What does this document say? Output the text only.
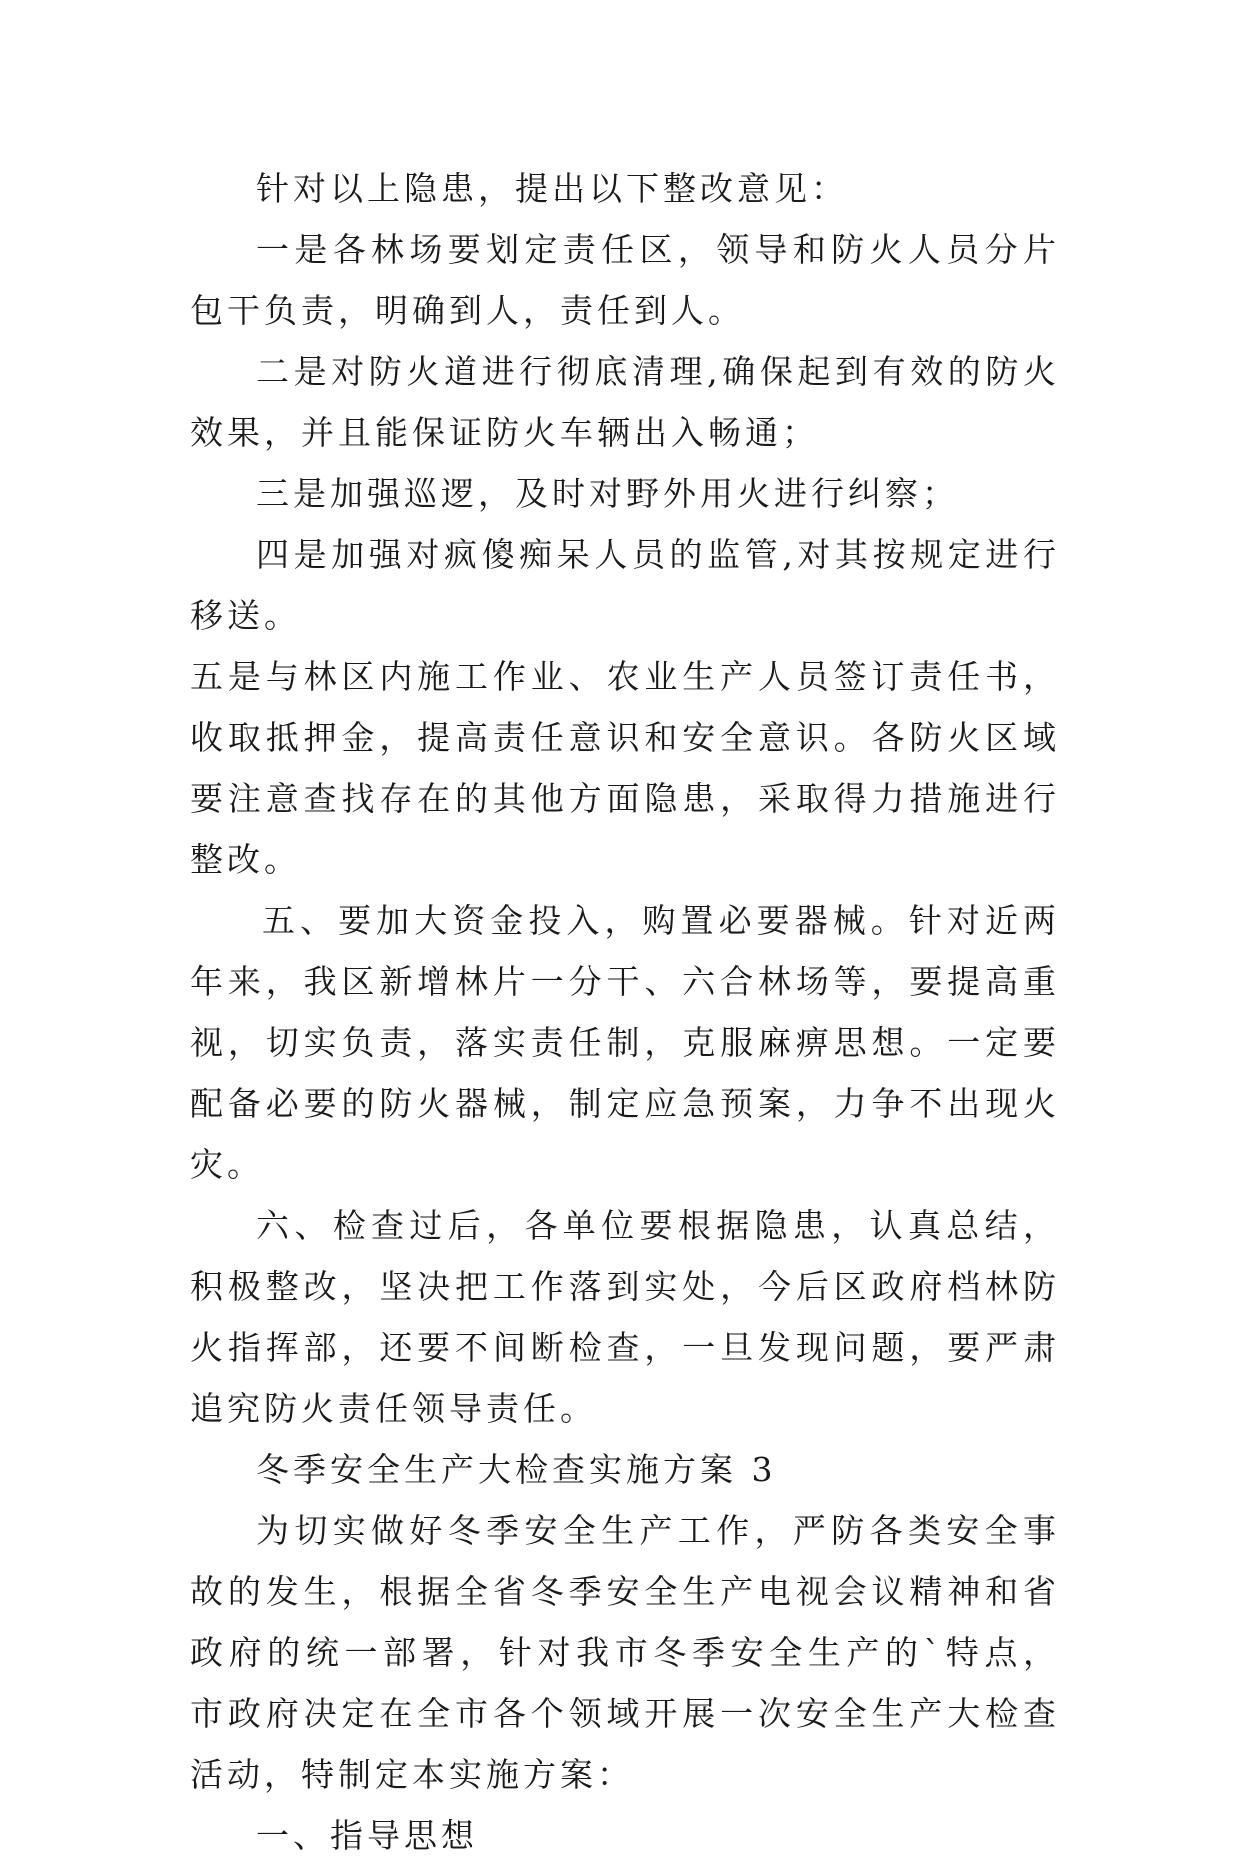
针对以上隐患，提出以下整改意见：

一是各林场要划定责任区，领导和防火人员分片包干负责，明确到人，责任到人。

二是对防火道进行彻底清理,确保起到有效的防火效果，并且能保证防火车辆出入畅通；

三是加强巡逻，及时对野外用火进行纠察；

四是加强对疯傻痴呆人员的监管,对其按规定进行移送。

五是与林区内施工作业、农业生产人员签订责任书，收取抵押金，提高责任意识和安全意识。各防火区域要注意查找存在的其他方面隐患，采取得力措施进行整改。

五、要加大资金投入，购置必要器械。针对近两年来，我区新增林片一分干、六合林场等，要提高重视，切实负责，落实责任制，克服麻痹思想。一定要配备必要的防火器械，制定应急预案，力争不出现火灾。

六、检查过后，各单位要根据隐患，认真总结，积极整改，坚决把工作落到实处，今后区政府档林防火指挥部，还要不间断检查，一旦发现问题，要严肃追究防火责任领导责任。

冬季安全生产大检查实施方案 3

为切实做好冬季安全生产工作，严防各类安全事故的发生，根据全省冬季安全生产电视会议精神和省政府的统一部署，针对我市冬季安全生产的`特点，市政府决定在全市各个领域开展一次安全生产大检查活动，特制定本实施方案：

一、指导思想
